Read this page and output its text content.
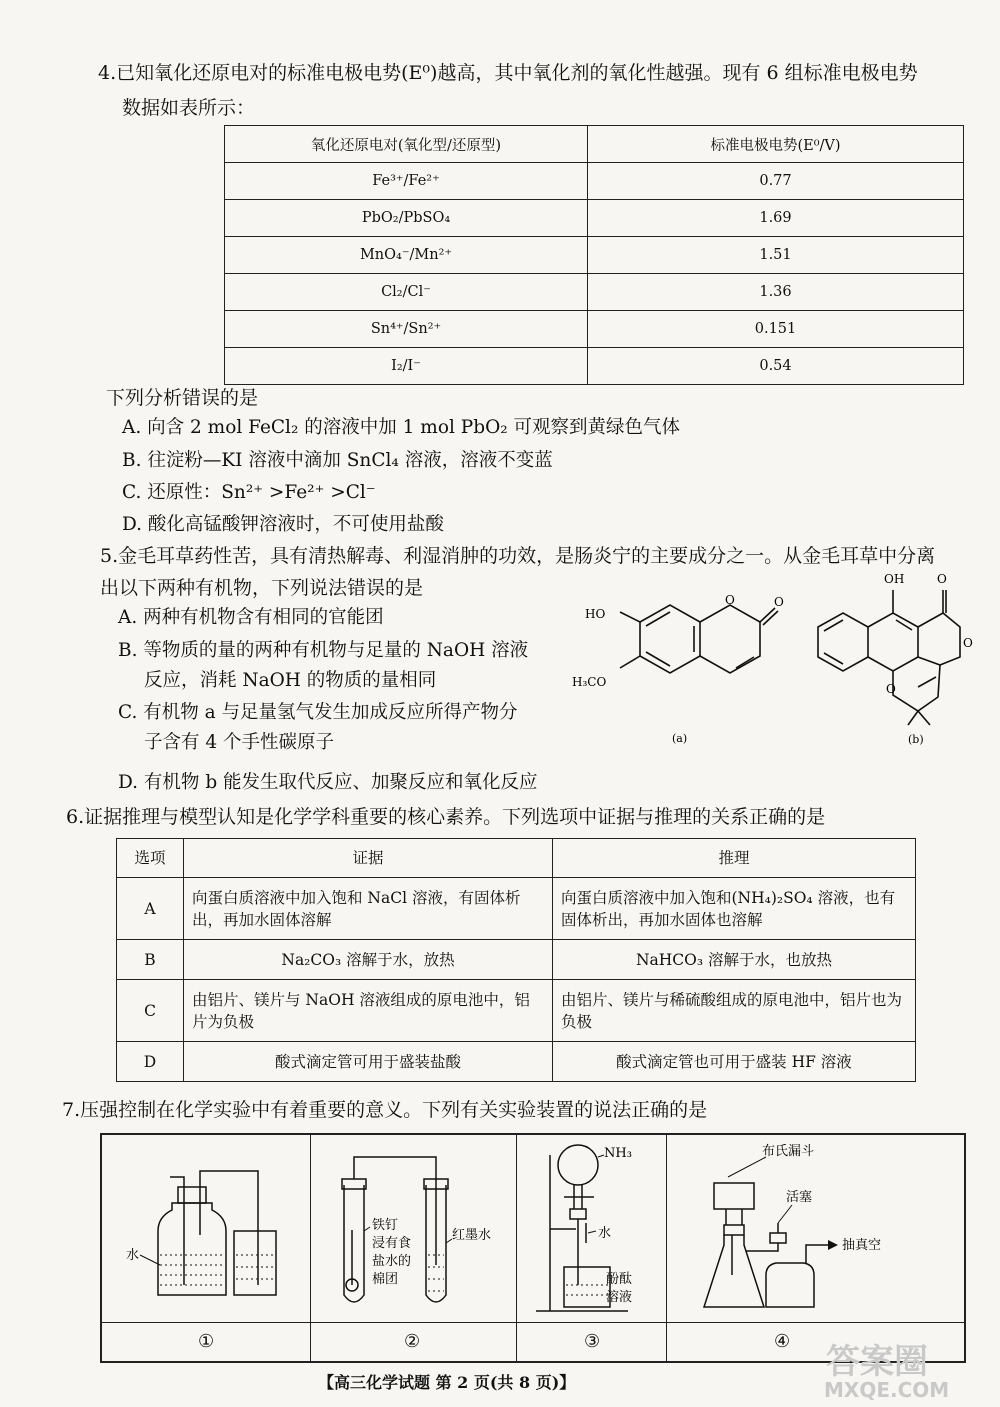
4.已知氧化还原电对的标准电极电势(E⁰)越高，其中氧化剂的氧化性越强。现有 6 组标准电极电势
数据如表所示：
氧化还原电对(氧化型/还原型)	标准电极电势(E⁰/V)
Fe³⁺/Fe²⁺	0.77
PbO₂/PbSO₄	1.69
MnO₄⁻/Mn²⁺	1.51
Cl₂/Cl⁻	1.36
Sn⁴⁺/Sn²⁺	0.151
I₂/I⁻	0.54
下列分析错误的是
A. 向含 2 mol FeCl₂ 的溶液中加 1 mol PbO₂ 可观察到黄绿色气体
B. 往淀粉—KI 溶液中滴加 SnCl₄ 溶液，溶液不变蓝
C. 还原性：Sn²⁺ >Fe²⁺ >Cl⁻
D. 酸化高锰酸钾溶液时，不可使用盐酸
5.金毛耳草药性苦，具有清热解毒、利湿消肿的功效，是肠炎宁的主要成分之一。从金毛耳草中分离
出以下两种有机物，下列说法错误的是
A. 两种有机物含有相同的官能团
B. 等物质的量的两种有机物与足量的 NaOH 溶液
反应，消耗 NaOH 的物质的量相同
C. 有机物 a 与足量氢气发生加成反应所得产物分
子含有 4 个手性碳原子
D. 有机物 b 能发生取代反应、加聚反应和氧化反应
HO
H₃CO
O	O
(a)
OH	O
O
O
(b)
6.证据推理与模型认知是化学学科重要的核心素养。下列选项中证据与推理的关系正确的是
选项	证据	推理
A	向蛋白质溶液中加入饱和 NaCl 溶液，有固体析出，再加水固体溶解	向蛋白质溶液中加入饱和(NH₄)₂SO₄ 溶液，也有固体析出，再加水固体也溶解
B	Na₂CO₃ 溶解于水，放热	NaHCO₃ 溶解于水，也放热
C	由铝片、镁片与 NaOH 溶液组成的原电池中，铝片为负极	由铝片、镁片与稀硫酸组成的原电池中，铝片也为负极
D	酸式滴定管可用于盛装盐酸	酸式滴定管也可用于盛装 HF 溶液
7.压强控制在化学实验中有着重要的意义。下列有关实验装置的说法正确的是
①	②	③	④
水
铁钉
浸有食
盐水的
棉团
红墨水
NH₃
水
酚酞
溶液
布氏漏斗
活塞
抽真空
【高三化学试题 第 2 页(共 8 页)】
答案圈
MXQE.COM
